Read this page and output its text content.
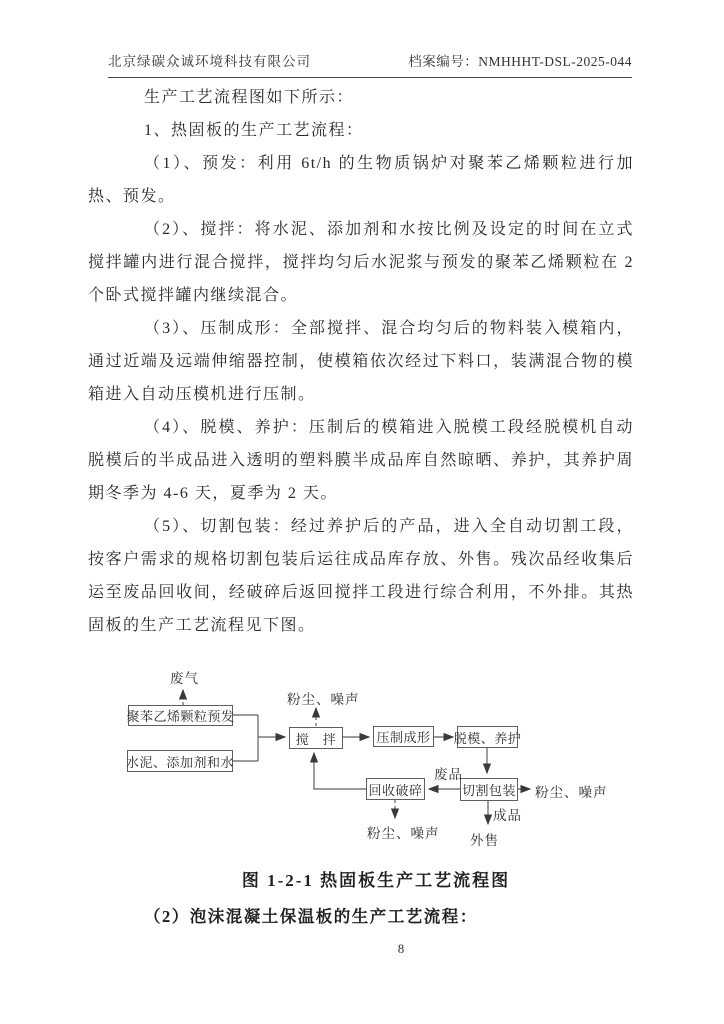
北京绿碳众诚环境科技有限公司	档案编号：NMHHHT-DSL-2025-044

生产工艺流程图如下所示：

1、热固板的生产工艺流程：

（1）、预发：利用 6t/h 的生物质锅炉对聚苯乙烯颗粒进行加热、预发。

（2）、搅拌：将水泥、添加剂和水按比例及设定的时间在立式搅拌罐内进行混合搅拌，搅拌均匀后水泥浆与预发的聚苯乙烯颗粒在 2 个卧式搅拌罐内继续混合。

（3）、压制成形：全部搅拌、混合均匀后的物料装入模箱内，通过近端及远端伸缩器控制，使模箱依次经过下料口，装满混合物的模箱进入自动压模机进行压制。

（4）、脱模、养护：压制后的模箱进入脱模工段经脱模机自动脱模后的半成品进入透明的塑料膜半成品库自然晾晒、养护，其养护周期冬季为 4-6 天，夏季为 2 天。

（5）、切割包装：经过养护后的产品，进入全自动切割工段，按客户需求的规格切割包装后运往成品库存放、外售。残次品经收集后运至废品回收间，经破碎后返回搅拌工段进行综合利用，不外排。其热固板的生产工艺流程见下图。

聚苯乙烯颗粒预发
水泥、添加剂和水
搅　拌	压制成形 脱模、养护
切割包装
回收破碎
废气
粉尘、噪声
废品
粉尘、噪声
成品
外售
粉尘、噪声
图 1-2-1 热固板生产工艺流程图
（2）泡沫混凝土保温板的生产工艺流程：
8
